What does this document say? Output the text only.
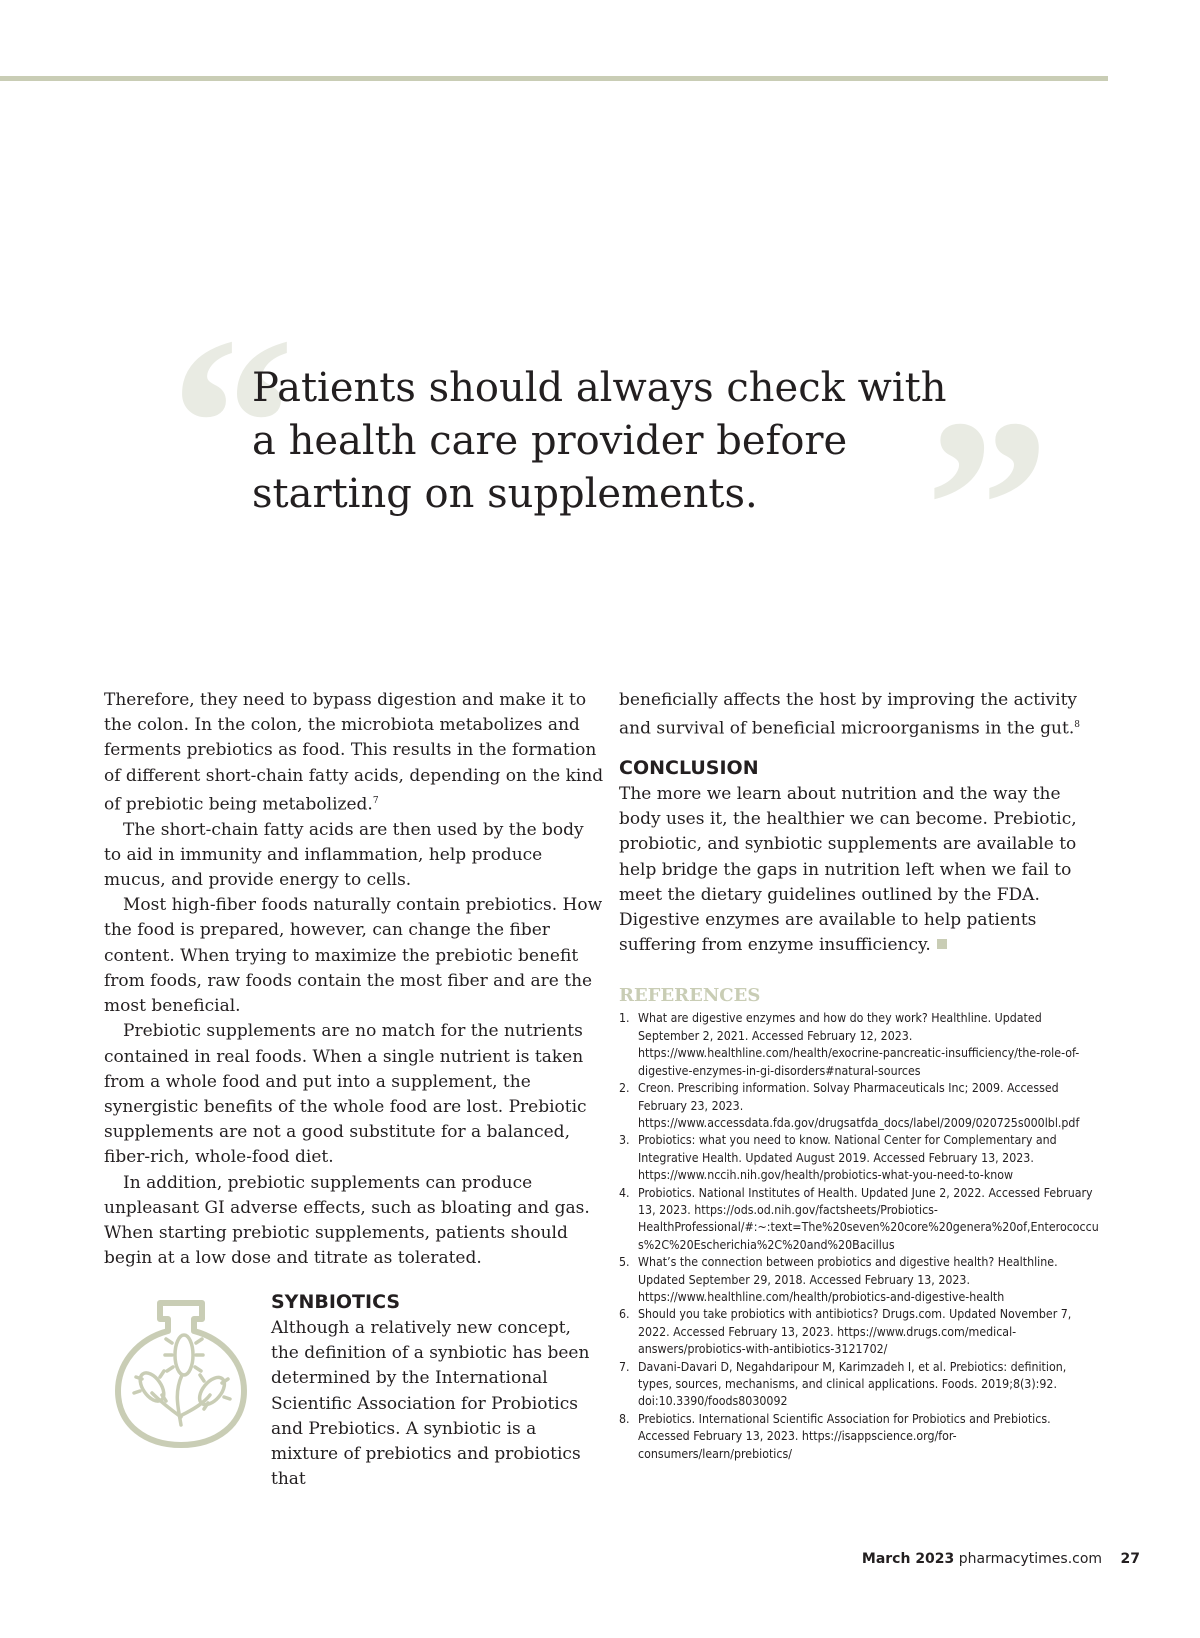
“	”

Patients should always check with a health care provider before starting on supplements.

Therefore, they need to bypass digestion and make it to the colon. In the colon, the microbiota metabolizes and ferments prebiotics as food. This results in the formation of different short-chain fatty acids, depending on the kind of prebiotic being metabolized.$^7$

The short-chain fatty acids are then used by the body to aid in immunity and inflammation, help produce mucus, and provide energy to cells.

Most high-fiber foods naturally contain prebiotics. How the food is prepared, however, can change the fiber content. When trying to maximize the prebiotic benefit from foods, raw foods contain the most fiber and are the most beneficial.

Prebiotic supplements are no match for the nutrients contained in real foods. When a single nutrient is taken from a whole food and put into a supplement, the synergistic benefits of the whole food are lost. Prebiotic supplements are not a good substitute for a balanced, fiber-rich, whole-food diet.

In addition, prebiotic supplements can produce unpleasant GI adverse effects, such as bloating and gas. When starting prebiotic supplements, patients should begin at a low dose and titrate as tolerated.

SYNBIOTICS

Although a relatively new concept, the definition of a synbiotic has been determined by the International Scientific Association for Probiotics and Prebiotics. A synbiotic is a mixture of prebiotics and probiotics that

beneficially affects the host by improving the activity and survival of beneficial microorganisms in the gut.$^8$

CONCLUSION

The more we learn about nutrition and the way the body uses it, the healthier we can become. Prebiotic, probiotic, and synbiotic supplements are available to help bridge the gaps in nutrition left when we fail to meet the dietary guidelines outlined by the FDA. Digestive enzymes are available to help patients suffering from enzyme insufficiency.

REFERENCES
1. What are digestive enzymes and how do they work? Healthline. Updated September 2, 2021. Accessed February 12, 2023. https://www.healthline.com/health/exocrine-pancreatic-insufficiency/the-role-of-digestive-enzymes-in-gi-disorders#natural-sources
2. Creon. Prescribing information. Solvay Pharmaceuticals Inc; 2009. Accessed February 23, 2023. https://www.accessdata.fda.gov/drugsatfda_docs/label/2009/020725s000lbl.pdf
3. Probiotics: what you need to know. National Center for Complementary and Integrative Health. Updated August 2019. Accessed February 13, 2023. https://www.nccih.nih.gov/health/probiotics-what-you-need-to-know
4. Probiotics. National Institutes of Health. Updated June 2, 2022. Accessed February 13, 2023. https://ods.od.nih.gov/factsheets/Probiotics-HealthProfessional/#:~:text=The%20seven%20core%20genera%20of,Enterococcus%2C%20Escherichia%2C%20and%20Bacillus
5. What’s the connection between probiotics and digestive health? Healthline. Updated September 29, 2018. Accessed February 13, 2023. https://www.healthline.com/health/probiotics-and-digestive-health
6. Should you take probiotics with antibiotics? Drugs.com. Updated November 7, 2022. Accessed February 13, 2023. https://www.drugs.com/medical-answers/probiotics-with-antibiotics-3121702/
7. Davani-Davari D, Negahdaripour M, Karimzadeh I, et al. Prebiotics: definition, types, sources, mechanisms, and clinical applications. Foods. 2019;8(3):92. doi:10.3390/foods8030092
8. Prebiotics. International Scientific Association for Probiotics and Prebiotics. Accessed February 13, 2023. https://isappscience.org/for-consumers/learn/prebiotics/
March 2023 pharmacytimes.com 27
